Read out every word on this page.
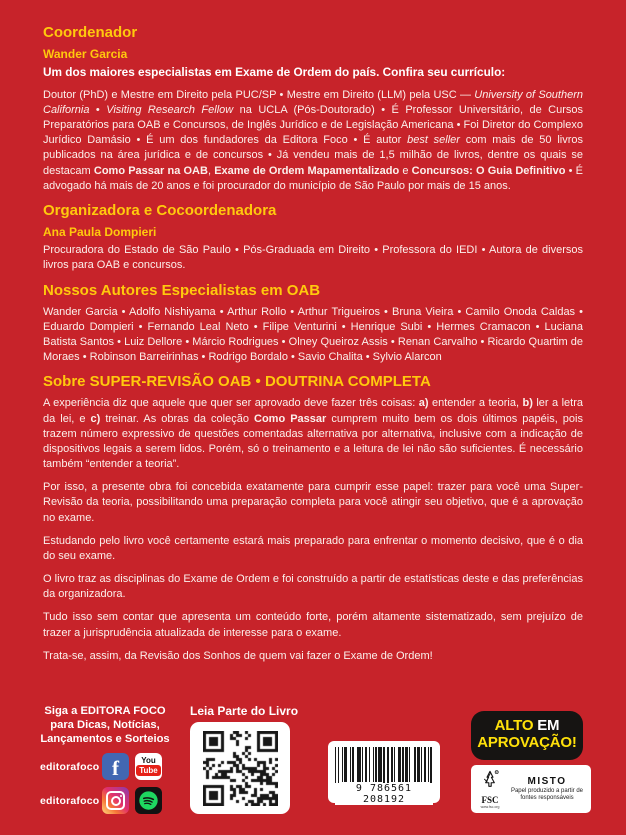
Coordenador
Wander Garcia

Um dos maiores especialistas em Exame de Ordem do país. Confira seu currículo:

Doutor (PhD) e Mestre em Direito pela PUC/SP • Mestre em Direito (LLM) pela USC — University of Southern California • Visiting Research Fellow na UCLA (Pós-Doutorado) • É Professor Universitário, de Cursos Preparatórios para OAB e Concursos, de Inglês Jurídico e de Legislação Americana • Foi Diretor do Complexo Jurídico Damásio • É um dos fundadores da Editora Foco • É autor best seller com mais de 50 livros publicados na área jurídica e de concursos • Já vendeu mais de 1,5 milhão de livros, dentre os quais se destacam Como Passar na OAB, Exame de Ordem Mapamentalizado e Concursos: O Guia Definitivo • É advogado há mais de 20 anos e foi procurador do município de São Paulo por mais de 15 anos.

Organizadora e Cocoordenadora
Ana Paula Dompieri

Procuradora do Estado de São Paulo • Pós-Graduada em Direito • Professora do IEDI • Autora de diversos livros para OAB e concursos.

Nossos Autores Especialistas em OAB

Wander Garcia • Adolfo Nishiyama • Arthur Rollo • Arthur Trigueiros • Bruna Vieira • Camilo Onoda Caldas • Eduardo Dompieri • Fernando Leal Neto • Filipe Venturini • Henrique Subi • Hermes Cramacon • Luciana Batista Santos • Luiz Dellore • Márcio Rodrigues • Olney Queiroz Assis • Renan Carvalho • Ricardo Quartim de Moraes • Robinson Barreirinhas • Rodrigo Bordalo • Savio Chalita • Sylvio Alarcon

Sobre SUPER-REVISÃO OAB • DOUTRINA COMPLETA

A experiência diz que aquele que quer ser aprovado deve fazer três coisas: a) entender a teoria, b) ler a letra da lei, e c) treinar. As obras da coleção Como Passar cumprem muito bem os dois últimos papéis, pois trazem número expressivo de questões comentadas alternativa por alternativa, inclusive com a indicação de dispositivos legais a serem lidos. Porém, só o treinamento e a leitura de lei não são suficientes. É necessário também “entender a teoria”.

Por isso, a presente obra foi concebida exatamente para cumprir esse papel: trazer para você uma Super-Revisão da teoria, possibilitando uma preparação completa para você atingir seu objetivo, que é a aprovação no exame.

Estudando pelo livro você certamente estará mais preparado para enfrentar o momento decisivo, que é o dia do seu exame.

O livro traz as disciplinas do Exame de Ordem e foi construído a partir de estatísticas deste e das preferências da organizadora.

Tudo isso sem contar que apresenta um conteúdo forte, porém altamente sistematizado, sem prejuízo de trazer a jurisprudência atualizada de interesse para o exame.

Trata-se, assim, da Revisão dos Sonhos de quem vai fazer o Exame de Ordem!

Siga a EDITORA FOCO
para Dicas, Notícias,
Lançamentos e Sorteios
editorafoco f	You
Tube
editorafoco
Leia Parte do Livro
9 786561 208192
ALTO EM
APROVAÇÃO!
R
FSC
www.fsc.org
MISTO
Papel produzido a partir de fontes responsáveis
